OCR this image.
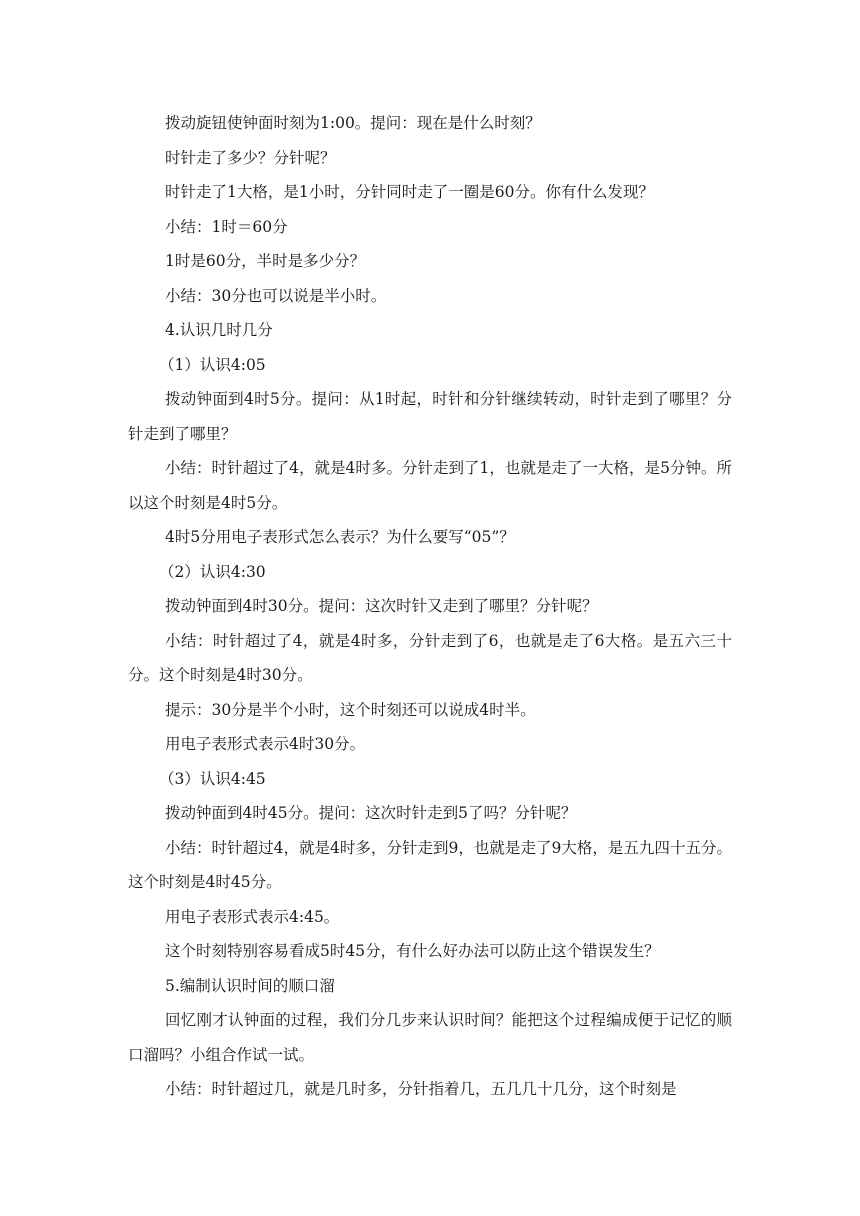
拨动旋钮使钟面时刻为1:00。提问：现在是什么时刻？

时针走了多少？分针呢？

时针走了1大格，是1小时，分针同时走了一圈是60分。你有什么发现？

小结：1时＝60分

1时是60分，半时是多少分？

小结：30分也可以说是半小时。

4.认识几时几分

（1）认识4:05

拨动钟面到4时5分。提问：从1时起，时针和分针继续转动，时针走到了哪里？分针走到了哪里？

小结：时针超过了4，就是4时多。分针走到了1，也就是走了一大格，是5分钟。所以这个时刻是4时5分。

4时5分用电子表形式怎么表示？为什么要写“05”？

（2）认识4:30

拨动钟面到4时30分。提问：这次时针又走到了哪里？分针呢？

小结：时针超过了4，就是4时多，分针走到了6，也就是走了6大格。是五六三十分。这个时刻是4时30分。

提示：30分是半个小时，这个时刻还可以说成4时半。

用电子表形式表示4时30分。

（3）认识4:45

拨动钟面到4时45分。提问：这次时针走到5了吗？分针呢？

小结：时针超过4，就是4时多，分针走到9，也就是走了9大格，是五九四十五分。这个时刻是4时45分。

用电子表形式表示4:45。

这个时刻特别容易看成5时45分，有什么好办法可以防止这个错误发生？

5.编制认识时间的顺口溜

回忆刚才认钟面的过程，我们分几步来认识时间？能把这个过程编成便于记忆的顺口溜吗？小组合作试一试。

小结：时针超过几，就是几时多，分针指着几，五几几十几分，这个时刻是
